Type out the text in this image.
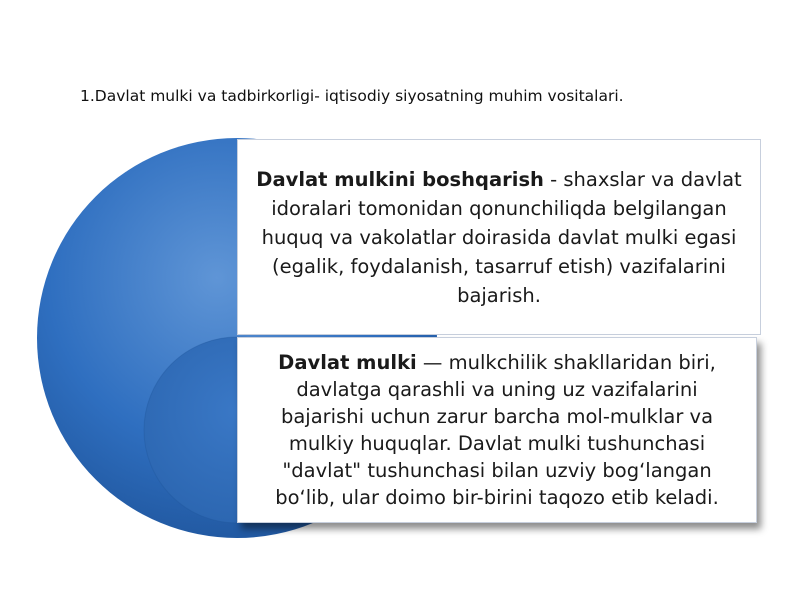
1.Davlat mulki va tadbirkorligi- iqtisodiy siyosatning muhim vositalari.

Davlat mulkini boshqarish - shaxslar va davlat idoralari tomonidan qonunchiliqda belgilangan huquq va vakolatlar doirasida davlat mulki egasi (egalik, foydalanish, tasarruf etish) vazifalarini bajarish.

Davlat mulki — mulkchilik shakllaridan biri, davlatga qarashli va uning uz vazifalarini bajarishi uchun zarur barcha mol-mulklar va mulkiy huquqlar. Davlat mulki tushunchasi "davlat" tushunchasi bilan uzviy bogʻlangan boʻlib, ular doimo bir-birini taqozo etib keladi.
